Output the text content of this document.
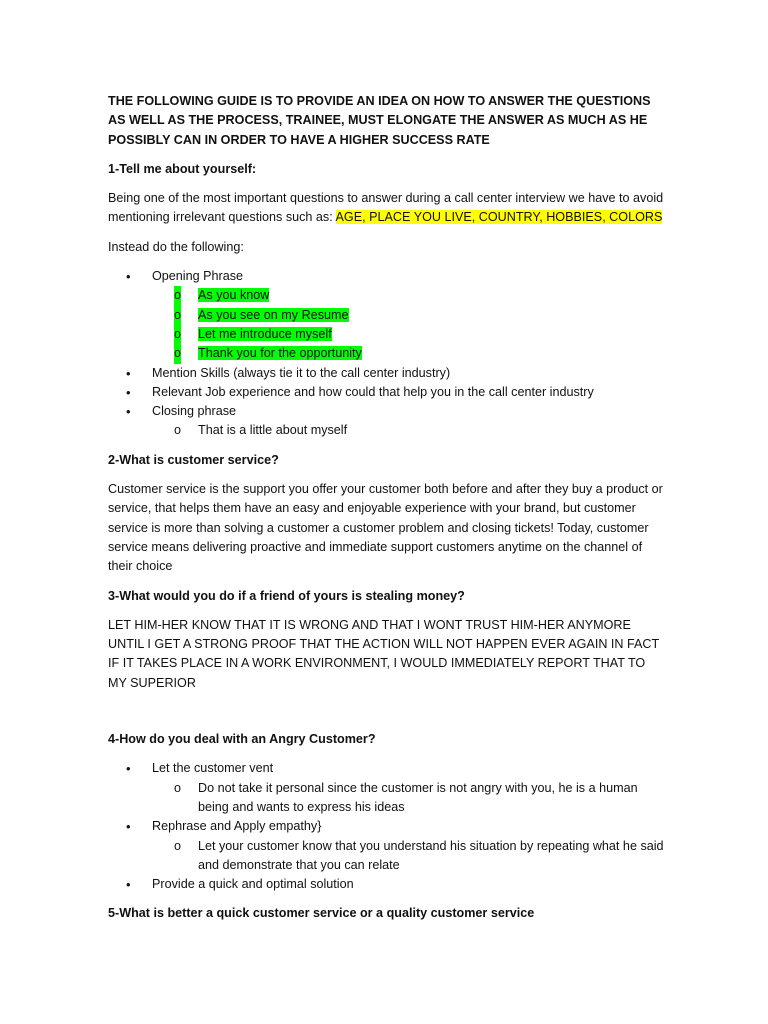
THE FOLLOWING GUIDE IS TO PROVIDE AN IDEA ON HOW TO ANSWER THE QUESTIONS AS WELL AS THE PROCESS, TRAINEE, MUST ELONGATE THE ANSWER AS MUCH AS HE POSSIBLY CAN IN ORDER TO HAVE A HIGHER SUCCESS RATE

1-Tell me about yourself:

Being one of the most important questions to answer during a call center interview we have to avoid mentioning irrelevant questions such as: AGE, PLACE YOU LIVE, COUNTRY, HOBBIES, COLORS

Instead do the following:

• Opening Phrase
o As you know
o As you see on my Resume
o Let me introduce myself
o Thank you for the opportunity
• Mention Skills (always tie it to the call center industry)
• Relevant Job experience and how could that help you in the call center industry
• Closing phrase
o That is a little about myself

2-What is customer service?

Customer service is the support you offer your customer both before and after they buy a product or service, that helps them have an easy and enjoyable experience with your brand, but customer service is more than solving a customer a customer problem and closing tickets! Today, customer service means delivering proactive and immediate support customers anytime on the channel of their choice

3-What would you do if a friend of yours is stealing money?

LET HIM-HER KNOW THAT IT IS WRONG AND THAT I WONT TRUST HIM-HER ANYMORE UNTIL I GET A STRONG PROOF THAT THE ACTION WILL NOT HAPPEN EVER AGAIN IN FACT IF IT TAKES PLACE IN A WORK ENVIRONMENT, I WOULD IMMEDIATELY REPORT THAT TO MY SUPERIOR

4-How do you deal with an Angry Customer?

• Let the customer vent
o Do not take it personal since the customer is not angry with you, he is a human being and wants to express his ideas
• Rephrase and Apply empathy}
o Let your customer know that you understand his situation by repeating what he said and demonstrate that you can relate
• Provide a quick and optimal solution

5-What is better a quick customer service or a quality customer service
